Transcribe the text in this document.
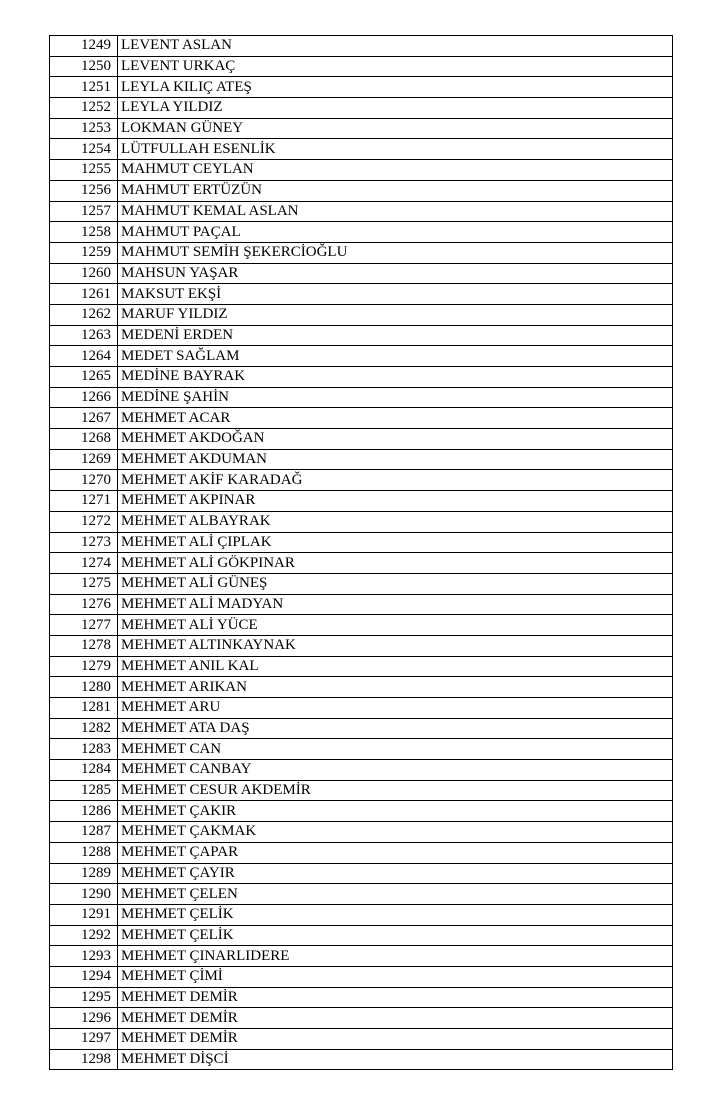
1249	LEVENT ASLAN
1250	LEVENT URKAÇ
1251	LEYLA KILIÇ ATEŞ
1252	LEYLA YILDIZ
1253	LOKMAN GÜNEY
1254	LÜTFULLAH ESENLİK
1255	MAHMUT CEYLAN
1256	MAHMUT ERTÜZÜN
1257	MAHMUT KEMAL ASLAN
1258	MAHMUT PAÇAL
1259	MAHMUT SEMİH ŞEKERCİOĞLU
1260	MAHSUN YAŞAR
1261	MAKSUT EKŞİ
1262	MARUF YILDIZ
1263	MEDENİ ERDEN
1264	MEDET SAĞLAM
1265	MEDİNE BAYRAK
1266	MEDİNE ŞAHİN
1267	MEHMET ACAR
1268	MEHMET AKDOĞAN
1269	MEHMET AKDUMAN
1270	MEHMET AKİF KARADAĞ
1271	MEHMET AKPINAR
1272	MEHMET ALBAYRAK
1273	MEHMET ALİ ÇIPLAK
1274	MEHMET ALİ GÖKPINAR
1275	MEHMET ALİ GÜNEŞ
1276	MEHMET ALİ MADYAN
1277	MEHMET ALİ YÜCE
1278	MEHMET ALTINKAYNAK
1279	MEHMET ANIL KAL
1280	MEHMET ARIKAN
1281	MEHMET ARU
1282	MEHMET ATA DAŞ
1283	MEHMET CAN
1284	MEHMET CANBAY
1285	MEHMET CESUR AKDEMİR
1286	MEHMET ÇAKIR
1287	MEHMET ÇAKMAK
1288	MEHMET ÇAPAR
1289	MEHMET ÇAYIR
1290	MEHMET ÇELEN
1291	MEHMET ÇELİK
1292	MEHMET ÇELİK
1293	MEHMET ÇINARLIDERE
1294	MEHMET ÇİMİ
1295	MEHMET DEMİR
1296	MEHMET DEMİR
1297	MEHMET DEMİR
1298	MEHMET DİŞCİ
